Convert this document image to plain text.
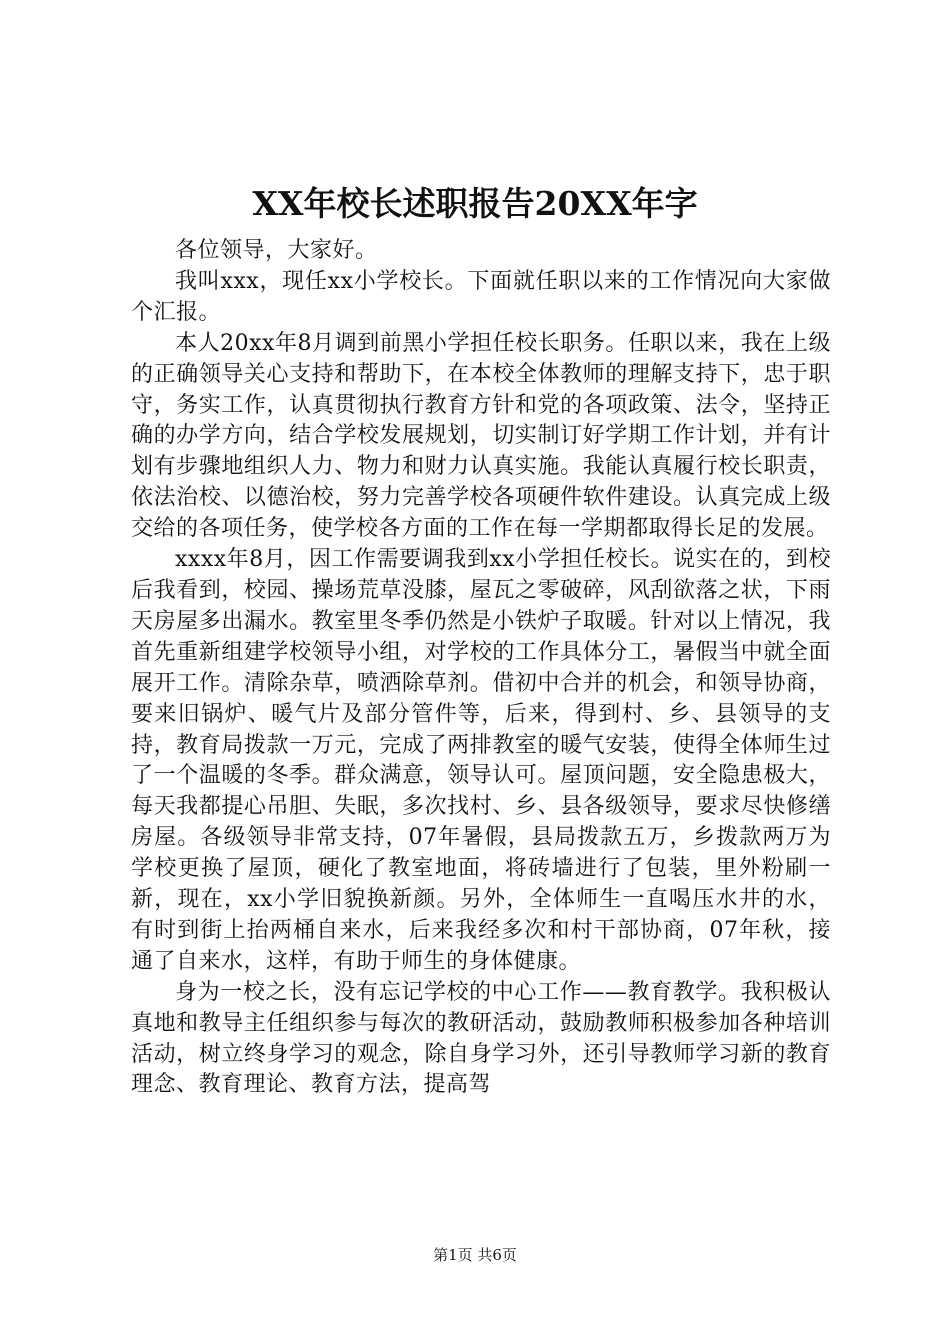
XX年校长述职报告20XX年字

各位领导，大家好。

我叫xxx，现任xx小学校长。下面就任职以来的工作情况向大家做个汇报。

本人20xx年8月调到前黑小学担任校长职务。任职以来，我在上级的正确领导关心支持和帮助下，在本校全体教师的理解支持下，忠于职守，务实工作，认真贯彻执行教育方针和党的各项政策、法令，坚持正确的办学方向，结合学校发展规划，切实制订好学期工作计划，并有计划有步骤地组织人力、物力和财力认真实施。我能认真履行校长职责，依法治校、以德治校，努力完善学校各项硬件软件建设。认真完成上级交给的各项任务，使学校各方面的工作在每一学期都取得长足的发展。

xxxx年8月，因工作需要调我到xx小学担任校长。说实在的，到校后我看到，校园、操场荒草没膝，屋瓦之零破碎，风刮欲落之状，下雨天房屋多出漏水。教室里冬季仍然是小铁炉子取暖。针对以上情况，我首先重新组建学校领导小组，对学校的工作具体分工，暑假当中就全面展开工作。清除杂草，喷洒除草剂。借初中合并的机会，和领导协商，要来旧锅炉、暖气片及部分管件等，后来，得到村、乡、县领导的支持，教育局拨款一万元，完成了两排教室的暖气安装，使得全体师生过了一个温暖的冬季。群众满意，领导认可。屋顶问题，安全隐患极大，每天我都提心吊胆、失眠，多次找村、乡、县各级领导，要求尽快修缮房屋。各级领导非常支持，07年暑假，县局拨款五万，乡拨款两万为学校更换了屋顶，硬化了教室地面，将砖墙进行了包装，里外粉刷一新，现在，xx小学旧貌换新颜。另外，全体师生一直喝压水井的水，有时到街上抬两桶自来水，后来我经多次和村干部协商，07年秋，接通了自来水，这样，有助于师生的身体健康。

身为一校之长，没有忘记学校的中心工作——教育教学。我积极认真地和教导主任组织参与每次的教研活动，鼓励教师积极参加各种培训活动，树立终身学习的观念，除自身学习外，还引导教师学习新的教育理念、教育理论、教育方法，提高驾

第1页 共6页
